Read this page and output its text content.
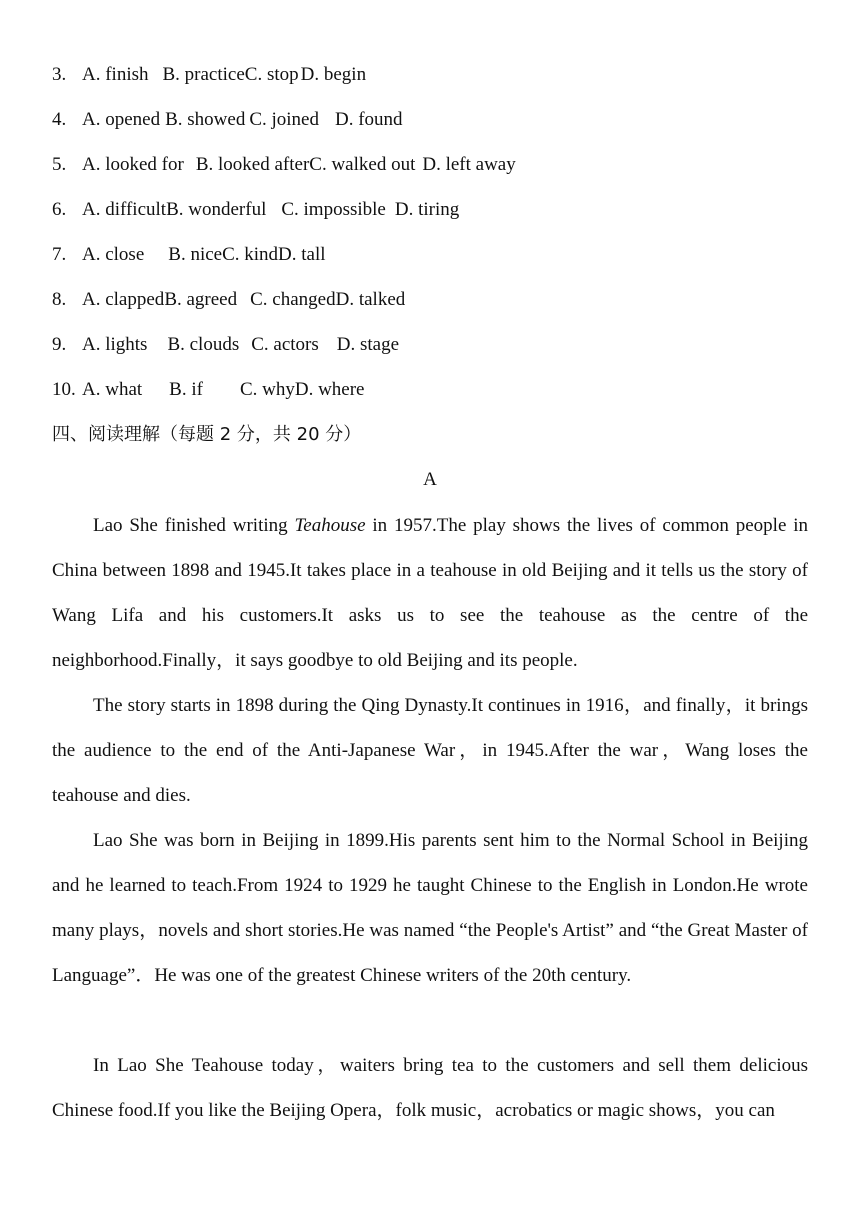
3. A. finish B. practiceC. stop D. begin
4. A. opened B. showed C. joined D. found
5. A. looked for B. looked afterC. walked out D. left away
6. A. difficultB. wonderful C. impossible D. tiring
7. A. close B. niceC. kindD. tall
8. A. clappedB. agreed C. changedD. talked
9. A. lights B. clouds C. actors D. stage
10. A. what B. if C. whyD. where
四、阅读理解（每题 2 分，共 20 分）
A

Lao She finished writing Teahouse in 1957.The play shows the lives of common people in China between 1898 and 1945.It takes place in a teahouse in old Beijing and it tells us the story of Wang Lifa and his customers.It asks us to see the teahouse as the centre of the neighborhood.Finally，it says goodbye to old Beijing and its people.

The story starts in 1898 during the Qing Dynasty.It continues in 1916，and finally，it brings the audience to the end of the Anti-Japanese War，in 1945.After the war，Wang loses the teahouse and dies.

Lao She was born in Beijing in 1899.His parents sent him to the Normal School in Beijing and he learned to teach.From 1924 to 1929 he taught Chinese to the English in London.He wrote many plays，novels and short stories.He was named “the People's Artist” and “the Great Master of Language”．He was one of the greatest Chinese writers of the 20th century.

In Lao She Teahouse today，waiters bring tea to the customers and sell them delicious Chinese food.If you like the Beijing Opera，folk music，acrobatics or magic shows，you can
